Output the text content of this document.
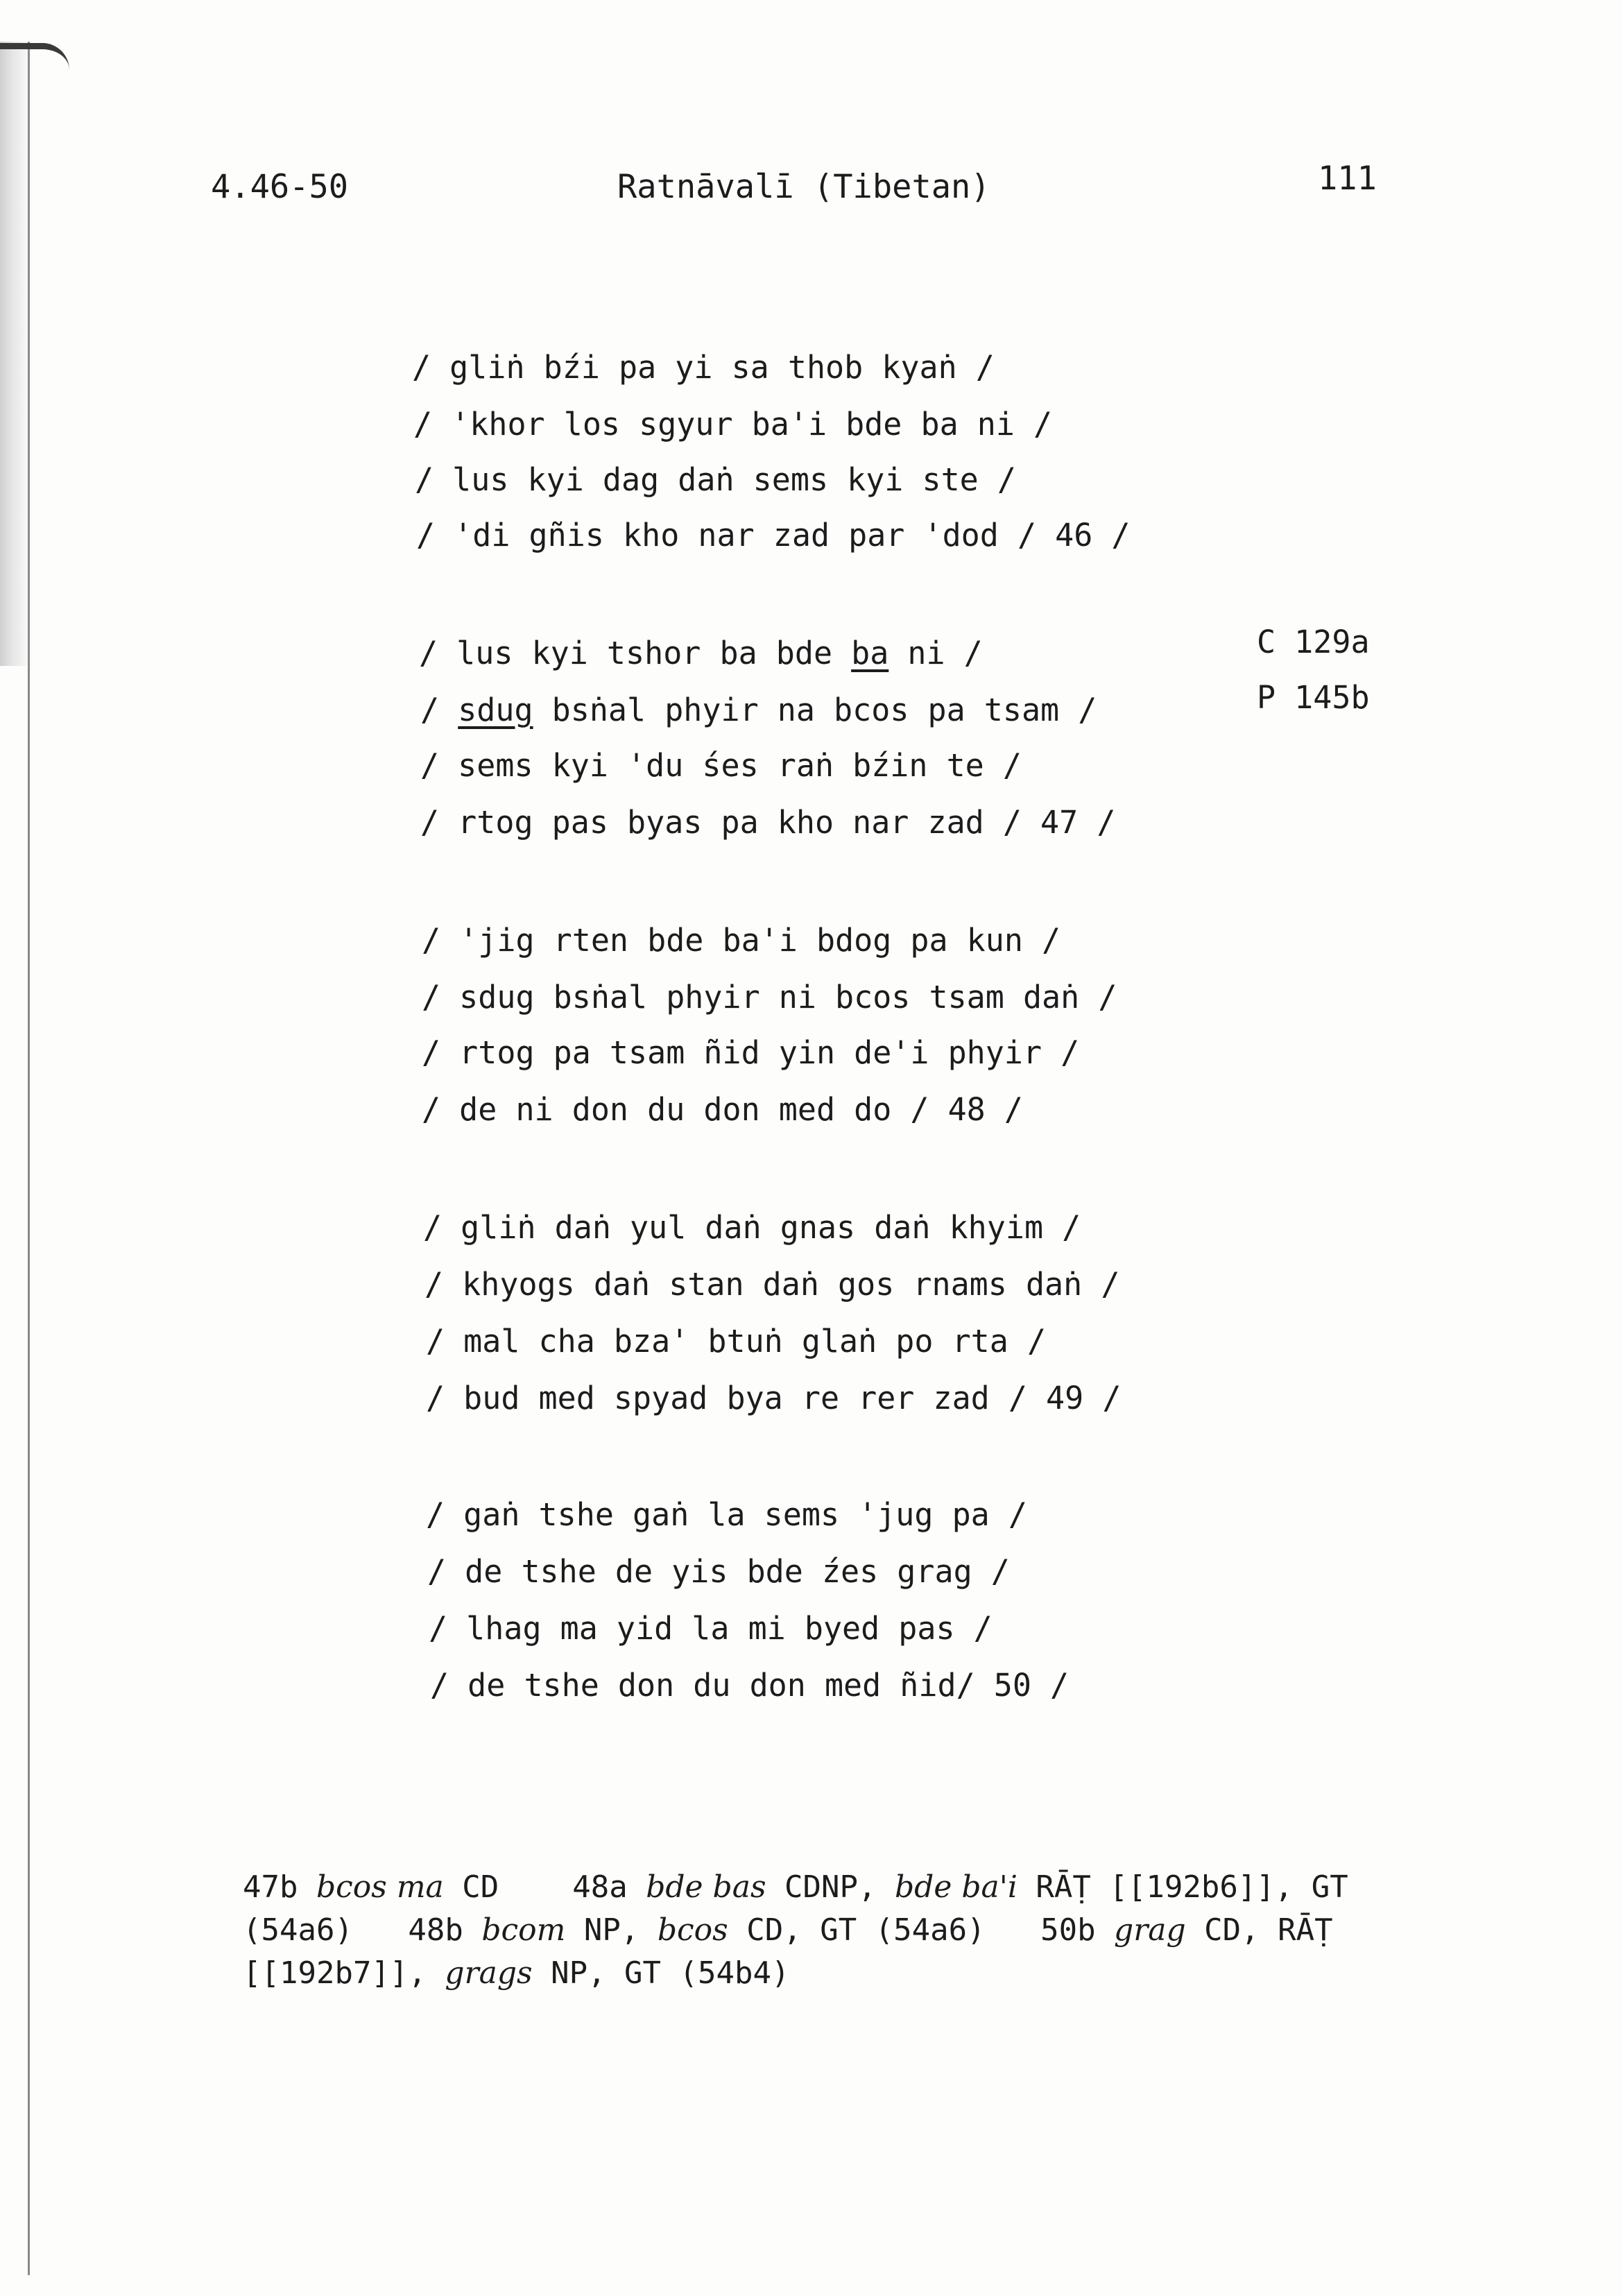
4.46-50	Ratnāvalī (Tibetan)	111
/ gliṅ bźi pa yi sa thob kyaṅ /
/ 'khor los sgyur ba'i bde ba ni /
/ lus kyi dag daṅ sems kyi ste /
/ 'di gñis kho nar zad par 'dod / 46 /
/ lus kyi tshor ba bde ba ni /
/ sdug bsṅal phyir na bcos pa tsam /
/ sems kyi 'du śes raṅ bźin te /
/ rtog pas byas pa kho nar zad / 47 /
C 129a
P 145b
/ 'jig rten bde ba'i bdog pa kun /
/ sdug bsṅal phyir ni bcos tsam daṅ /
/ rtog pa tsam ñid yin de'i phyir /
/ de ni don du don med do / 48 /
/ gliṅ daṅ yul daṅ gnas daṅ khyim /
/ khyogs daṅ stan daṅ gos rnams daṅ /
/ mal cha bza' btuṅ glaṅ po rta /
/ bud med spyad bya re rer zad / 49 /
/ gaṅ tshe gaṅ la sems 'jug pa /
/ de tshe de yis bde źes grag /
/ lhag ma yid la mi byed pas /
/ de tshe don du don med ñid/ 50 /
47b bcos ma CD    48a bde bas CDNP, bde ba'i RĀṬ [[192b6]], GT
(54a6)   48b bcom NP, bcos CD, GT (54a6)   50b grag CD, RĀṬ
[[192b7]], grags NP, GT (54b4)
